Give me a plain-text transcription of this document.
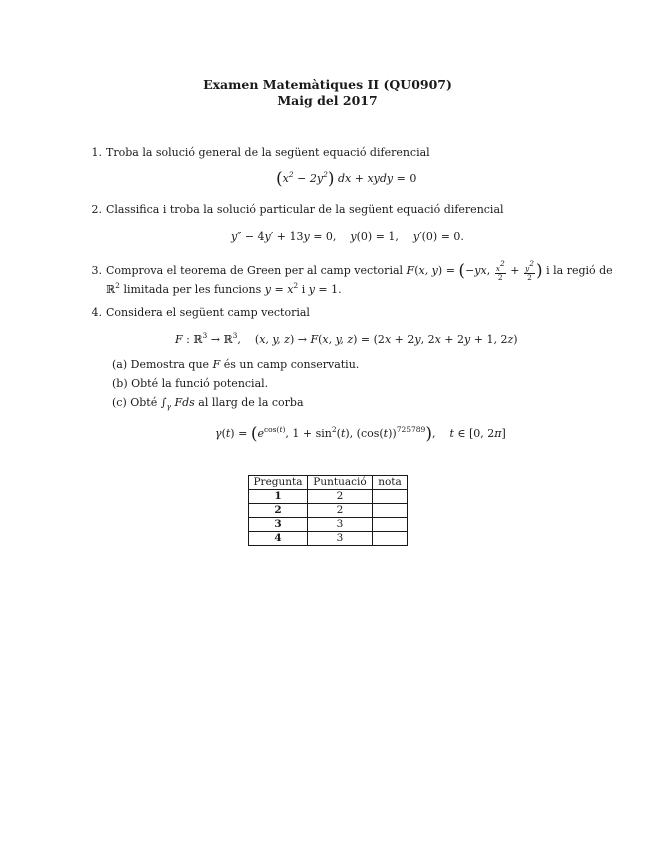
Examen Matemàtiques II (QU0907)
Maig del 2017
1. Troba la solució general de la següent equació diferencial
$(x^2 - 2y^2)$ dx + xydy = 0
2. Classifica i troba la solució particular de la següent equació diferencial
y″ − 4y′ + 13y = 0,    y(0) = 1,    y′(0) = 0.
3. Comprova el teorema de Green per al camp vectorial F(x, y) = (−yx, $\frac{x^2}{2} + \frac{y^2}{2}$ ) i la regió de
ℝ$^2$ limitada per les funcions $y = x^2$ i y = 1.
4. Considera el següent camp vectorial
F : ℝ$^3$ → ℝ$^3$,    (x, y, z) → F(x, y, z) = (2x + 2y, 2x + 2y + 1, 2z)
(a) Demostra que F és un camp conservatiu.
(b) Obté la funció potencial.
(c) Obté $\int_\gamma$ Fds al llarg de la corba
$\gamma(t) = (e^{cos(t)}$, $1 + \sin^2(t)$, $(\cos(t))^{725789}$),    t ∈ [0, 2π]
Pregunta	Puntuació	nota
1	2	
2	2	
3	3	
4	3	
